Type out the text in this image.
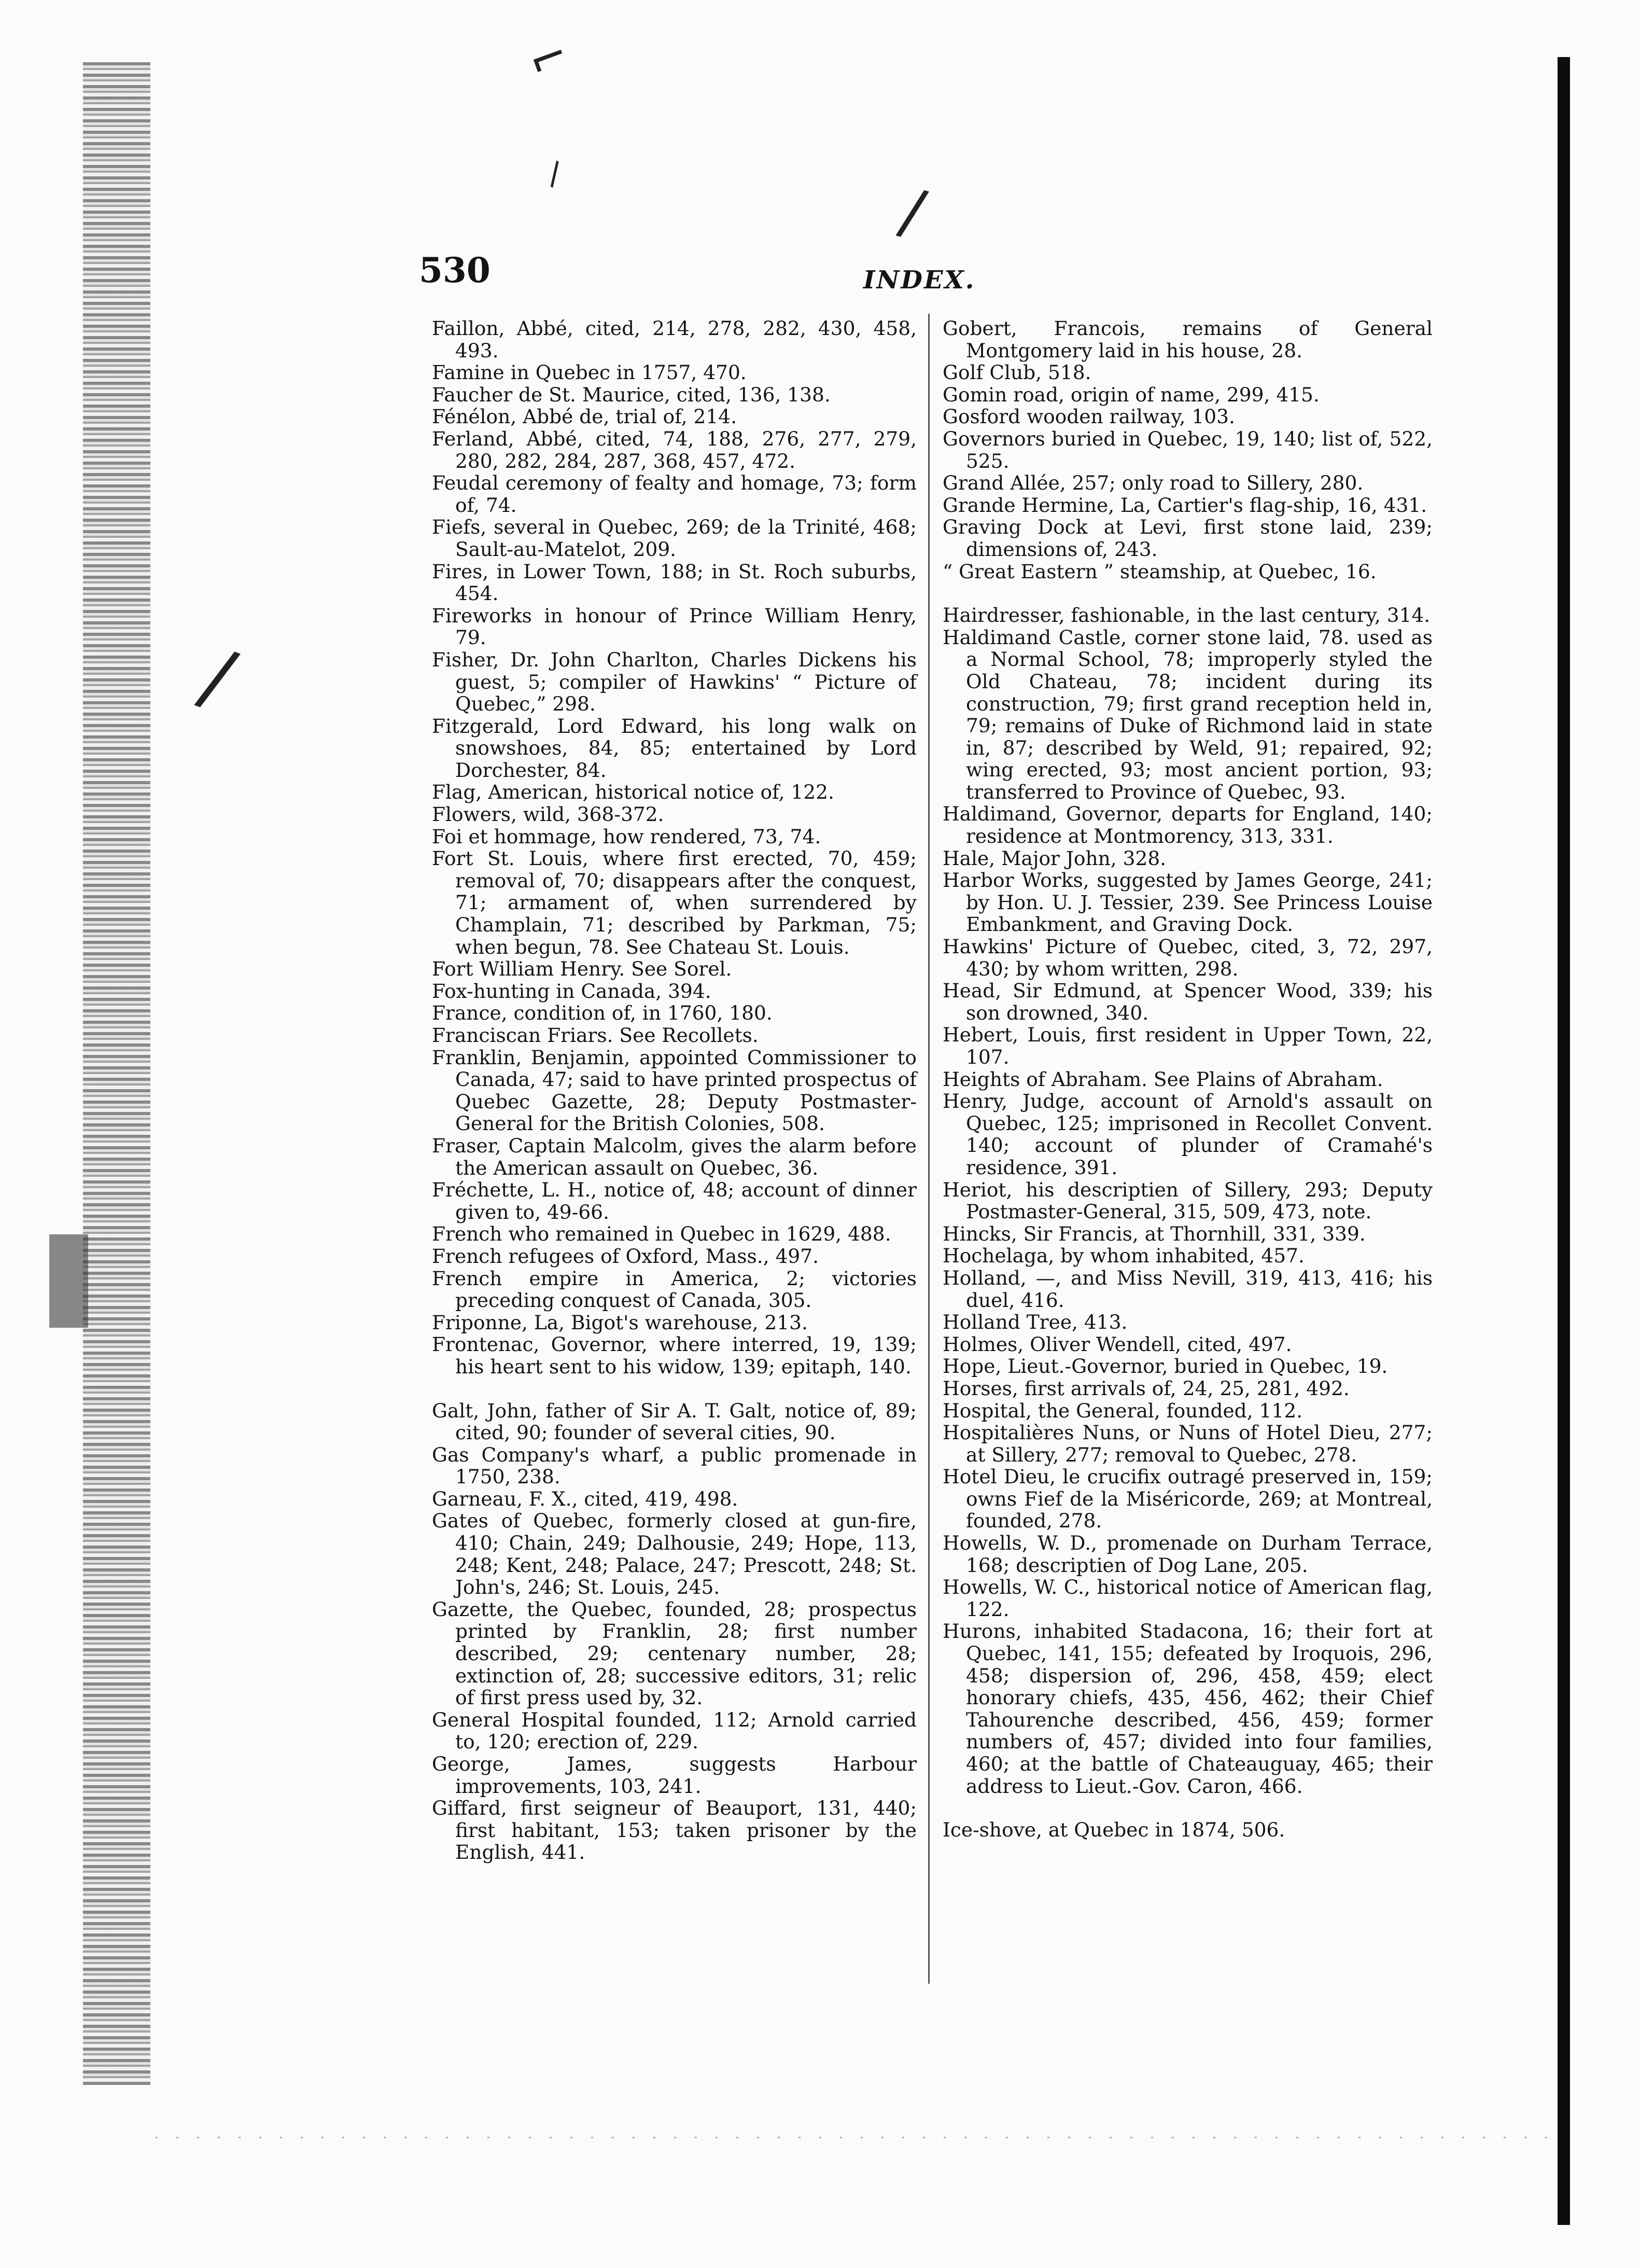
⌐
\
/
/
530	INDEX.
Faillon, Abbé, cited, 214, 278, 282, 430, 458, 493.
Famine in Quebec in 1757, 470.
Faucher de St. Maurice, cited, 136, 138.
Fénélon, Abbé de, trial of, 214.
Ferland, Abbé, cited, 74, 188, 276, 277, 279, 280, 282, 284, 287, 368, 457, 472.
Feudal ceremony of fealty and homage, 73; form of, 74.
Fiefs, several in Quebec, 269; de la Trinité, 468; Sault-au-Matelot, 209.
Fires, in Lower Town, 188; in St. Roch suburbs, 454.
Fireworks in honour of Prince William Henry, 79.
Fisher, Dr. John Charlton, Charles Dickens his guest, 5; compiler of Hawkins' “ Picture of Quebec,” 298.
Fitzgerald, Lord Edward, his long walk on snowshoes, 84, 85; entertained by Lord Dorchester, 84.
Flag, American, historical notice of, 122.
Flowers, wild, 368-372.
Foi et hommage, how rendered, 73, 74.
Fort St. Louis, where first erected, 70, 459; removal of, 70; disappears after the conquest, 71; armament of, when surrendered by Champlain, 71; described by Parkman, 75; when begun, 78. See Chateau St. Louis.
Fort William Henry. See Sorel.
Fox-hunting in Canada, 394.
France, condition of, in 1760, 180.
Franciscan Friars. See Recollets.
Franklin, Benjamin, appointed Commissioner to Canada, 47; said to have printed prospectus of Quebec Gazette, 28; Deputy Postmaster-General for the British Colonies, 508.
Fraser, Captain Malcolm, gives the alarm before the American assault on Quebec, 36.
Fréchette, L. H., notice of, 48; account of dinner given to, 49-66.
French who remained in Quebec in 1629, 488.
French refugees of Oxford, Mass., 497.
French empire in America, 2; victories preceding conquest of Canada, 305.
Friponne, La, Bigot's warehouse, 213.
Frontenac, Governor, where interred, 19, 139; his heart sent to his widow, 139; epitaph, 140.
Galt, John, father of Sir A. T. Galt, notice of, 89; cited, 90; founder of several cities, 90.
Gas Company's wharf, a public promenade in 1750, 238.
Garneau, F. X., cited, 419, 498.
Gates of Quebec, formerly closed at gun-fire, 410; Chain, 249; Dalhousie, 249; Hope, 113, 248; Kent, 248; Palace, 247; Prescott, 248; St. John's, 246; St. Louis, 245.
Gazette, the Quebec, founded, 28; prospectus printed by Franklin, 28; first number described, 29; centenary number, 28; extinction of, 28; successive editors, 31; relic of first press used by, 32.
General Hospital founded, 112; Arnold carried to, 120; erection of, 229.
George, James, suggests Harbour improvements, 103, 241.
Giffard, first seigneur of Beauport, 131, 440; first habitant, 153; taken prisoner by the English, 441.
Gobert, Francois, remains of General Montgomery laid in his house, 28.
Golf Club, 518.
Gomin road, origin of name, 299, 415.
Gosford wooden railway, 103.
Governors buried in Quebec, 19, 140; list of, 522, 525.
Grand Allée, 257; only road to Sillery, 280.
Grande Hermine, La, Cartier's flag-ship, 16, 431.
Graving Dock at Levi, first stone laid, 239; dimensions of, 243.
“ Great Eastern ” steamship, at Quebec, 16.
Hairdresser, fashionable, in the last century, 314.
Haldimand Castle, corner stone laid, 78. used as a Normal School, 78; improperly styled the Old Chateau, 78; incident during its construction, 79; first grand reception held in, 79; remains of Duke of Richmond laid in state in, 87; described by Weld, 91; repaired, 92; wing erected, 93; most ancient portion, 93; transferred to Province of Quebec, 93.
Haldimand, Governor, departs for England, 140; residence at Montmorency, 313, 331.
Hale, Major John, 328.
Harbor Works, suggested by James George, 241; by Hon. U. J. Tessier, 239. See Princess Louise Embankment, and Graving Dock.
Hawkins' Picture of Quebec, cited, 3, 72, 297, 430; by whom written, 298.
Head, Sir Edmund, at Spencer Wood, 339; his son drowned, 340.
Hebert, Louis, first resident in Upper Town, 22, 107.
Heights of Abraham. See Plains of Abraham.
Henry, Judge, account of Arnold's assault on Quebec, 125; imprisoned in Recollet Convent. 140; account of plunder of Cramahé's residence, 391.
Heriot, his descriptien of Sillery, 293; Deputy Postmaster-General, 315, 509, 473, note.
Hincks, Sir Francis, at Thornhill, 331, 339.
Hochelaga, by whom inhabited, 457.
Holland, —, and Miss Nevill, 319, 413, 416; his duel, 416.
Holland Tree, 413.
Holmes, Oliver Wendell, cited, 497.
Hope, Lieut.-Governor, buried in Quebec, 19.
Horses, first arrivals of, 24, 25, 281, 492.
Hospital, the General, founded, 112.
Hospitalières Nuns, or Nuns of Hotel Dieu, 277; at Sillery, 277; removal to Quebec, 278.
Hotel Dieu, le crucifix outragé preserved in, 159; owns Fief de la Miséricorde, 269; at Montreal, founded, 278.
Howells, W. D., promenade on Durham Terrace, 168; descriptien of Dog Lane, 205.
Howells, W. C., historical notice of American flag, 122.
Hurons, inhabited Stadacona, 16; their fort at Quebec, 141, 155; defeated by Iroquois, 296, 458; dispersion of, 296, 458, 459; elect honorary chiefs, 435, 456, 462; their Chief Tahourenche described, 456, 459; former numbers of, 457; divided into four families, 460; at the battle of Chateauguay, 465; their address to Lieut.-Gov. Caron, 466.
Ice-shove, at Quebec in 1874, 506.
